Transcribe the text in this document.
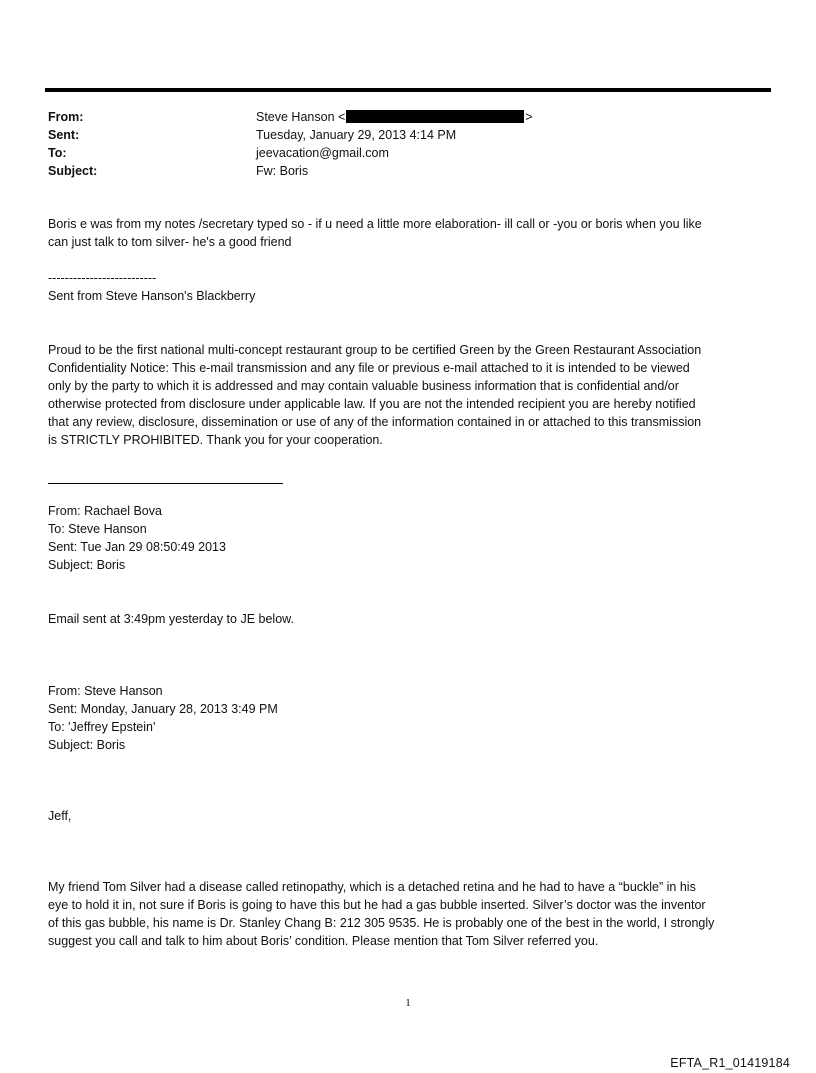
From:	Steve Hanson <	>
Sent:	Tuesday, January 29, 2013 4:14 PM
To:	jeevacation@gmail.com
Subject:	Fw: Boris

Boris e was from my notes /secretary typed so - if u need a little more elaboration- ill call or -you or boris when you like

can just talk to tom silver- he's a good friend

--------------------------

Sent from Steve Hanson's Blackberry

Proud to be the first national multi-concept restaurant group to be certified Green by the Green Restaurant Association

Confidentiality Notice: This e-mail transmission and any file or previous e-mail attached to it is intended to be viewed

only by the party to which it is addressed and may contain valuable business information that is confidential and/or

otherwise protected from disclosure under applicable law. If you are not the intended recipient you are hereby notified

that any review, disclosure, dissemination or use of any of the information contained in or attached to this transmission

is STRICTLY PROHIBITED. Thank you for your cooperation.

From: Rachael Bova

To: Steve Hanson

Sent: Tue Jan 29 08:50:49 2013

Subject: Boris

Email sent at 3:49pm yesterday to JE below.

From: Steve Hanson

Sent: Monday, January 28, 2013 3:49 PM

To: 'Jeffrey Epstein'

Subject: Boris

Jeff,

My friend Tom Silver had a disease called retinopathy, which is a detached retina and he had to have a “buckle” in his

eye to hold it in, not sure if Boris is going to have this but he had a gas bubble inserted. Silver’s doctor was the inventor

of this gas bubble, his name is Dr. Stanley Chang B: 212 305 9535. He is probably one of the best in the world, I strongly

suggest you call and talk to him about Boris’ condition. Please mention that Tom Silver referred you.

1
EFTA_R1_01419184
